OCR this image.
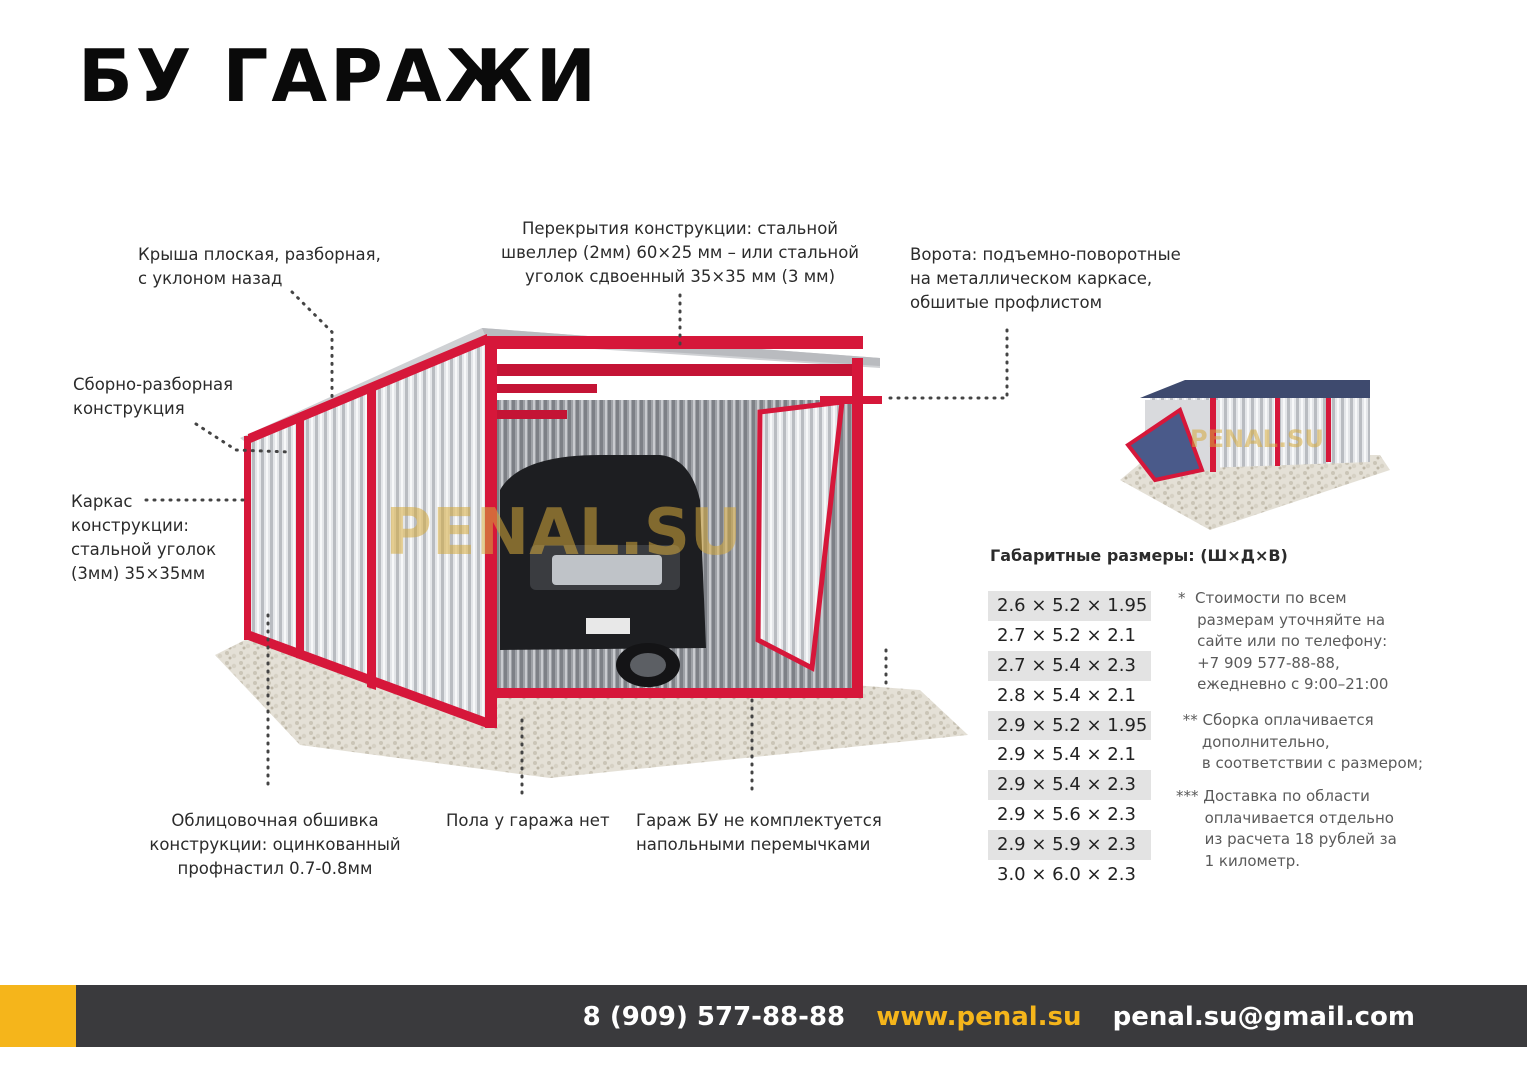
БУ ГАРАЖИ
PENAL.SU
PENAL.SU
Крыша плоская, разборная,
с уклоном назад
Перекрытия конструкции: стальной
швеллер (2мм) 60×25 мм – или стальной
уголок сдвоенный 35×35 мм (3 мм)
Ворота: подъемно-поворотные
на металлическом каркасе,
обшитые профлистом
Сборно-разборная
конструкция
Каркас
конструкции:
стальной уголок
(3мм) 35×35мм
Облицовочная обшивка
конструкции: оцинкованный
профнастил 0.7-0.8мм
Пола у гаража нет Гараж БУ не комплектуется
напольными перемычками
Габаритные размеры: (Ш×Д×В)
2.6 × 5.2 × 1.95
2.7 × 5.2 × 2.1
2.7 × 5.4 × 2.3
2.8 × 5.4 × 2.1
2.9 × 5.2 × 1.95
2.9 × 5.4 × 2.1
2.9 × 5.4 × 2.3
2.9 × 5.6 × 2.3
2.9 × 5.9 × 2.3
3.0 × 6.0 × 2.3
*  Стоимости по всем
размерам уточняйте на
сайте или по телефону:
+7 909 577-88-88,
ежедневно с 9:00–21:00
** Сборка оплачивается
дополнительно,
в соответствии с размером;
*** Доставка по области
оплачивается отдельно
из расчета 18 рублей за
1 километр.
8 (909) 577-88-88 www.penal.su penal.su@gmail.com
